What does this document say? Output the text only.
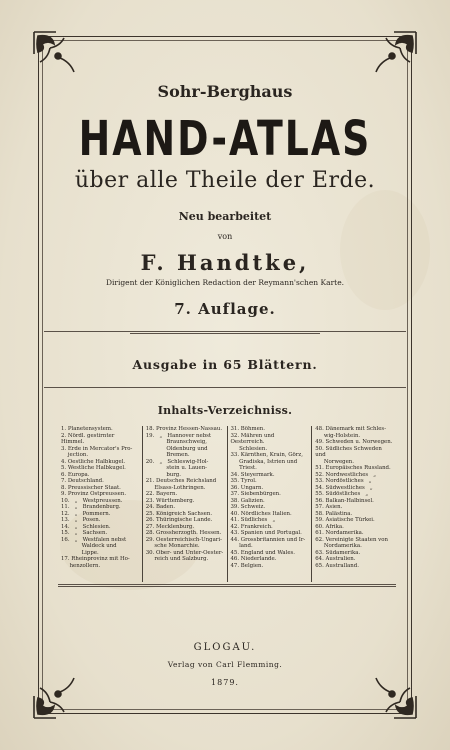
Sohr-Berghaus
HAND-ATLAS
über alle Theile der Erde.
Neu bearbeitet
von
F. Handtke,
Dirigent der Königlichen Redaction der Reymann'schen Karte.
7. Auflage.
Ausgabe in 65 Blättern.
Inhalts-Verzeichniss.

1. Planetensystem.

2. Nördl. gestirnter Himmel.

3. Erde in Mercator's Pro-
jection.

4. Oestliche Halbkugel.

5. Westliche Halbkugel.

6. Europa.

7. Deutschland.

8. Preussischer Staat.

9. Provinz Ostpreussen.

10.   „   Westpreussen.

11.   „   Brandenburg.

12.   „   Pommern.

13.   „   Posen.

14.   „   Schlesien.

15.   „   Sachsen.

16.   „   Westfalen nebst
Waldeck und
Lippe.

17. Rheinprovinz mit Ho-
henzollern.

18. Provinz Hessen-Nassau.

19.   „   Hannover nebst
Braunschweig,
Oldenburg und
Bremen.

20.   „   Schleswig-Hol-
stein u. Lauen-
burg.

21. Deutsches Reichsland
Elsass-Lothringen.

22. Bayern.

23. Württemberg.

24. Baden.

25. Königreich Sachsen.

26. Thüringische Lande.

27. Mecklenburg.

28. Grossherzogth. Hessen.

29. Oesterreichisch-Ungari-
sche Monarchie.

30. Ober- und Unter-Oester-
reich und Salzburg.

31. Böhmen.

32. Mähren und Oesterreich.
Schlesien.

33. Kärnthen, Krain, Görz,
Gradiska, Istrien und
Triest.

34. Steyermark.

35. Tyrol.

36. Ungarn.

37. Siebenbürgen.

38. Galizien.

39. Schweiz.

40. Nördliches Italien.

41. Südliches   „

42. Frankreich.

43. Spanien und Portugal.

44. Grossbritannien und Ir-
land.

45. England und Wales.

46. Niederlande.

47. Belgien.

48. Dänemark mit Schles-
wig-Holstein.

49. Schweden u. Norwegen.

50. Südliches Schweden und
Norwegen.

51. Europäisches Russland.

52. Nordwestliches   „

53. Nordöstliches   „

54. Südwestliches   „

55. Südöstliches   „

56. Balkan-Halbinsel.

57. Asien.

58. Palästina.

59. Asiatische Türkei.

60. Afrika.

61. Nordamerika.

62. Vereinigte Staaten von
Nordamerika.

63. Südamerika.

64. Australien.

65. Australland.

GLOGAU.
Verlag von Carl Flemming.
1879.
